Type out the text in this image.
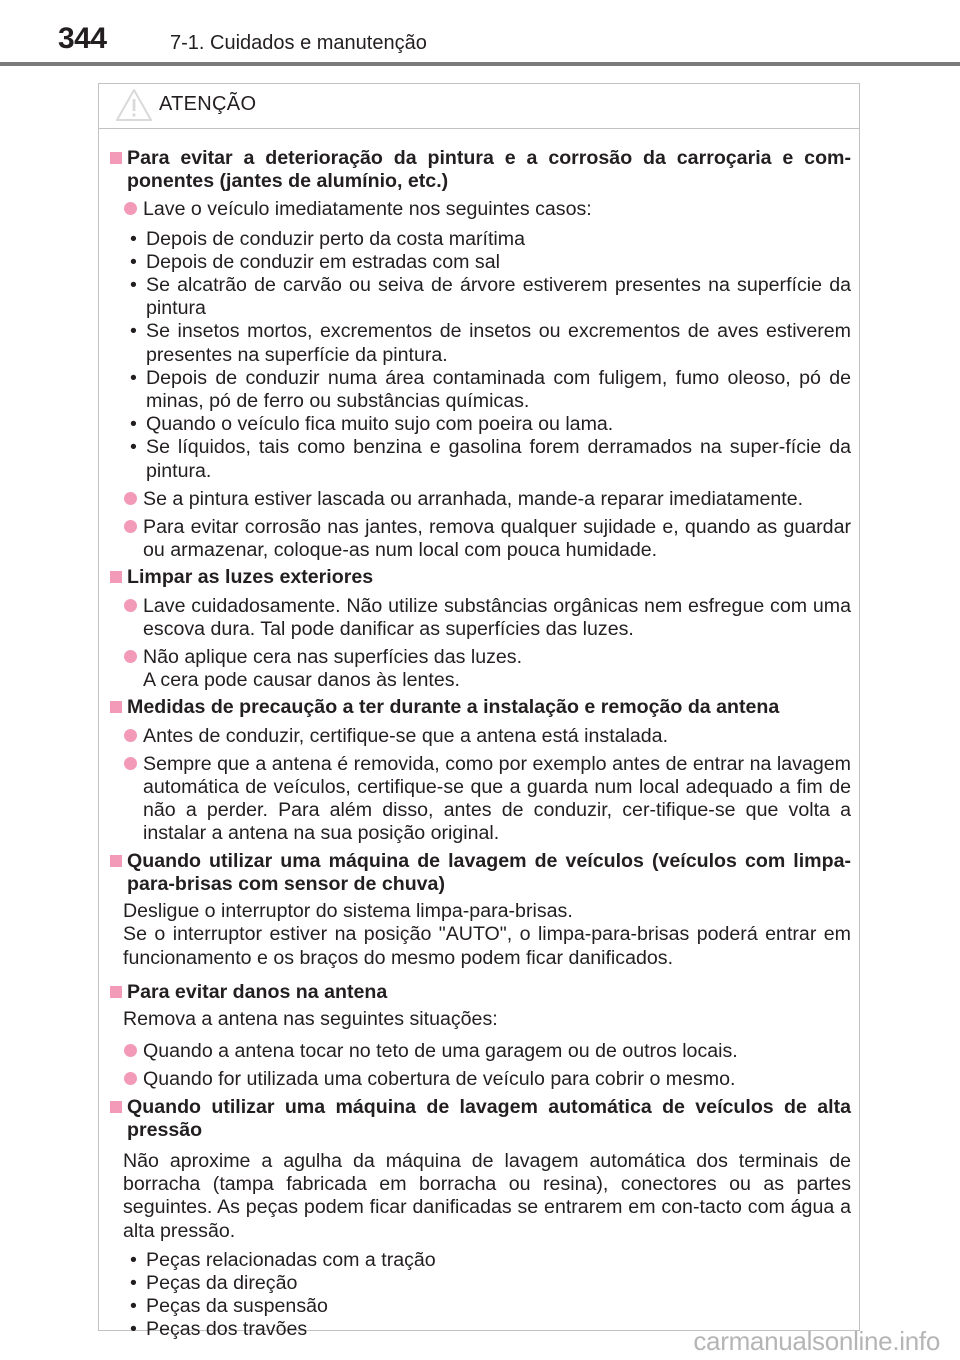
344	7-1. Cuidados e manutenção
ATENÇÃO
Para evitar a deterioração da pintura e a corrosão da carroçaria e com-ponentes (jantes de alumínio, etc.)
Lave o veículo imediatamente nos seguintes casos:
• Depois de conduzir perto da costa marítima
• Depois de conduzir em estradas com sal
• Se alcatrão de carvão ou seiva de árvore estiverem presentes na superfície da pintura
• Se insetos mortos, excrementos de insetos ou excrementos de aves estiverem presentes na superfície da pintura.
• Depois de conduzir numa área contaminada com fuligem, fumo oleoso, pó de minas, pó de ferro ou substâncias químicas.
• Quando o veículo fica muito sujo com poeira ou lama.
• Se líquidos, tais como benzina e gasolina forem derramados na super-fície da pintura.
Se a pintura estiver lascada ou arranhada, mande-a reparar imediatamente.
Para evitar corrosão nas jantes, remova qualquer sujidade e, quando as guardar ou armazenar, coloque-as num local com pouca humidade.
Limpar as luzes exteriores
Lave cuidadosamente. Não utilize substâncias orgânicas nem esfregue com uma escova dura. Tal pode danificar as superfícies das luzes.
Não aplique cera nas superfícies das luzes.
A cera pode causar danos às lentes.
Medidas de precaução a ter durante a instalação e remoção da antena
Antes de conduzir, certifique-se que a antena está instalada.
Sempre que a antena é removida, como por exemplo antes de entrar na lavagem automática de veículos, certifique-se que a guarda num local adequado a fim de não a perder. Para além disso, antes de conduzir, cer-tifique-se que volta a instalar a antena na sua posição original.
Quando utilizar uma máquina de lavagem de veículos (veículos com limpa-para-brisas com sensor de chuva)
Desligue o interruptor do sistema limpa-para-brisas.
Se o interruptor estiver na posição "AUTO", o limpa-para-brisas poderá entrar em funcionamento e os braços do mesmo podem ficar danificados.
Para evitar danos na antena
Remova a antena nas seguintes situações:
Quando a antena tocar no teto de uma garagem ou de outros locais.
Quando for utilizada uma cobertura de veículo para cobrir o mesmo.
Quando utilizar uma máquina de lavagem automática de veículos de alta pressão
Não aproxime a agulha da máquina de lavagem automática dos terminais de borracha (tampa fabricada em borracha ou resina), conectores ou as partes seguintes. As peças podem ficar danificadas se entrarem em con-tacto com água a alta pressão.
• Peças relacionadas com a tração
• Peças da direção
• Peças da suspensão
• Peças dos travões	carmanualsonline.info
